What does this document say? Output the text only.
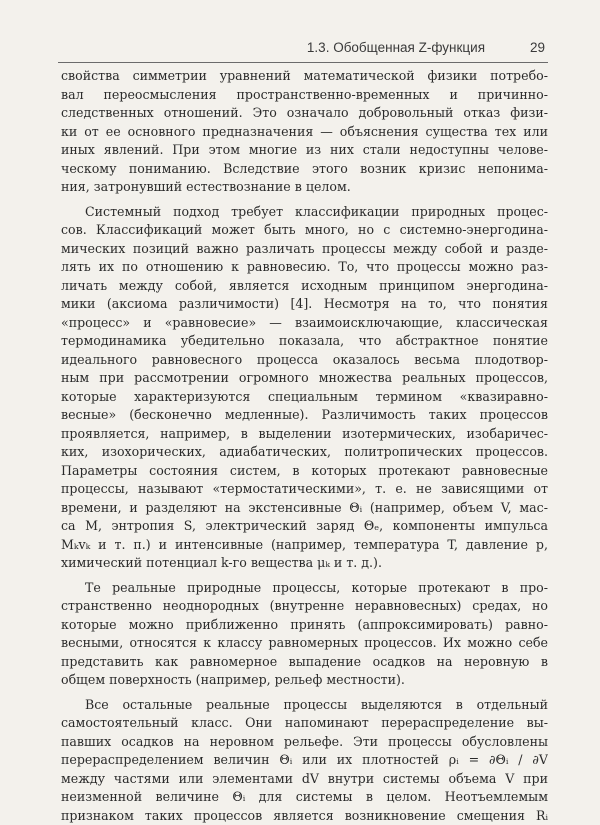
1.3. Обобщенная Z-функция	29
свойства симметрии уравнений математической физики потребо-
вал переосмысления пространственно-временных и причинно-
следственных отношений. Это означало добровольный отказ физи-
ки от ее основного предназначения — объяснения существа тех или
иных явлений. При этом многие из них стали недоступны человe-
ческому пониманию. Вследствие этого возник кризис непонима-
ния, затронувший естествознание в целом.
Системный подход требует классификации природных процес-
сов. Классификаций может быть много, но с системно-энергодина-
мических позиций важно различать процессы между собой и разде-
лять их по отношению к равновесию. То, что процессы можно раз-
личать между собой, является исходным принципом энергодина-
мики (аксиома различимости) [4]. Несмотря на то, что понятия
«процесс» и «равновесие» — взаимоисключающие, классическая
термодинамика убедительно показала, что абстрактное понятие
идеального равновесного процесса оказалось весьма плодотвор-
ным при рассмотрении огромного множества реальных процессов,
которые характеризуются специальным термином «квазиравно-
весные» (бесконечно медленные). Различимость таких процессов
проявляется, например, в выделении изотермических, изобаричес-
ких, изохорических, адиабатических, политропических процессов.
Параметры состояния систем, в которых протекают равновесные
процессы, называют «термостатическими», т. е. не зависящими от
времени, и разделяют на экстенсивные Θᵢ (например, объем V, мас-
са M, энтропия S, электрический заряд Θₑ, компоненты импульса
Mₖvₖ и т. п.) и интенсивные (например, температура T, давление p,
химический потенциал k-го вещества μₖ и т. д.).
Те реальные природные процессы, которые протекают в про-
странственно неоднородных (внутренне неравновесных) средах, но
которые можно приближенно принять (аппроксимировать) равно-
весными, относятся к классу равномерных процессов. Их можно себе
представить как равномерное выпадение осадков на неровную в
общем поверхность (например, рельеф местности).
Все остальные реальные процессы выделяются в отдельный
самостоятельный класс. Они напоминают перераспределение вы-
павших осадков на неровном рельефе. Эти процессы обусловлены
перераспределением величин Θᵢ или их плотностей ρᵢ = ∂Θᵢ / ∂V
между частями или элементами dV внутри системы объема V при
неизменной величине Θᵢ для системы в целом. Неотъемлемым
признаком таких процессов является возникновение смещения Rᵢ
